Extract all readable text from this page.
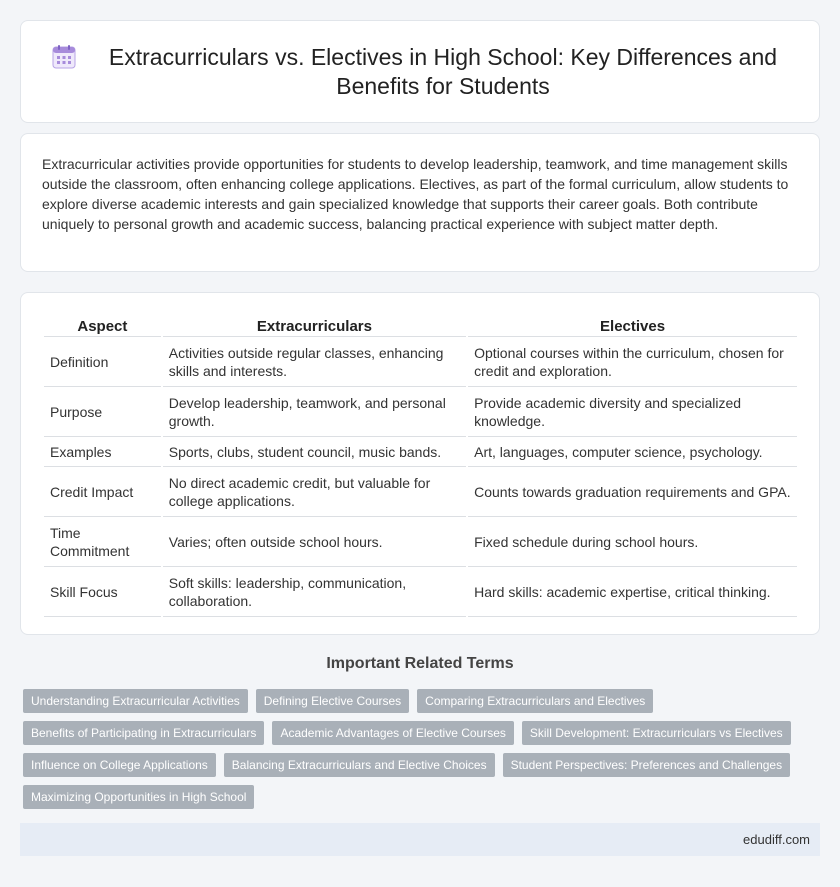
Extracurriculars vs. Electives in High School: Key Differences and Benefits for Students

Extracurricular activities provide opportunities for students to develop leadership, teamwork, and time management skills outside the classroom, often enhancing college applications. Electives, as part of the formal curriculum, allow students to explore diverse academic interests and gain specialized knowledge that supports their career goals. Both contribute uniquely to personal growth and academic success, balancing practical experience with subject matter depth.

Aspect	Extracurriculars	Electives
Definition	Activities outside regular classes, enhancing skills and interests.	Optional courses within the curriculum, chosen for credit and exploration.
Purpose	Develop leadership, teamwork, and personal growth.	Provide academic diversity and specialized knowledge.
Examples	Sports, clubs, student council, music bands.	Art, languages, computer science, psychology.
Credit Impact	No direct academic credit, but valuable for college applications.	Counts towards graduation requirements and GPA.
Time Commitment	Varies; often outside school hours.	Fixed schedule during school hours.
Skill Focus	Soft skills: leadership, communication, collaboration.	Hard skills: academic expertise, critical thinking.
Important Related Terms
Understanding Extracurricular Activities	Defining Elective Courses	Comparing Extracurriculars and Electives
Benefits of Participating in Extracurriculars	Academic Advantages of Elective Courses	Skill Development: Extracurriculars vs Electives
Influence on College Applications	Balancing Extracurriculars and Elective Choices	Student Perspectives: Preferences and Challenges
Maximizing Opportunities in High School
edudiff.com
